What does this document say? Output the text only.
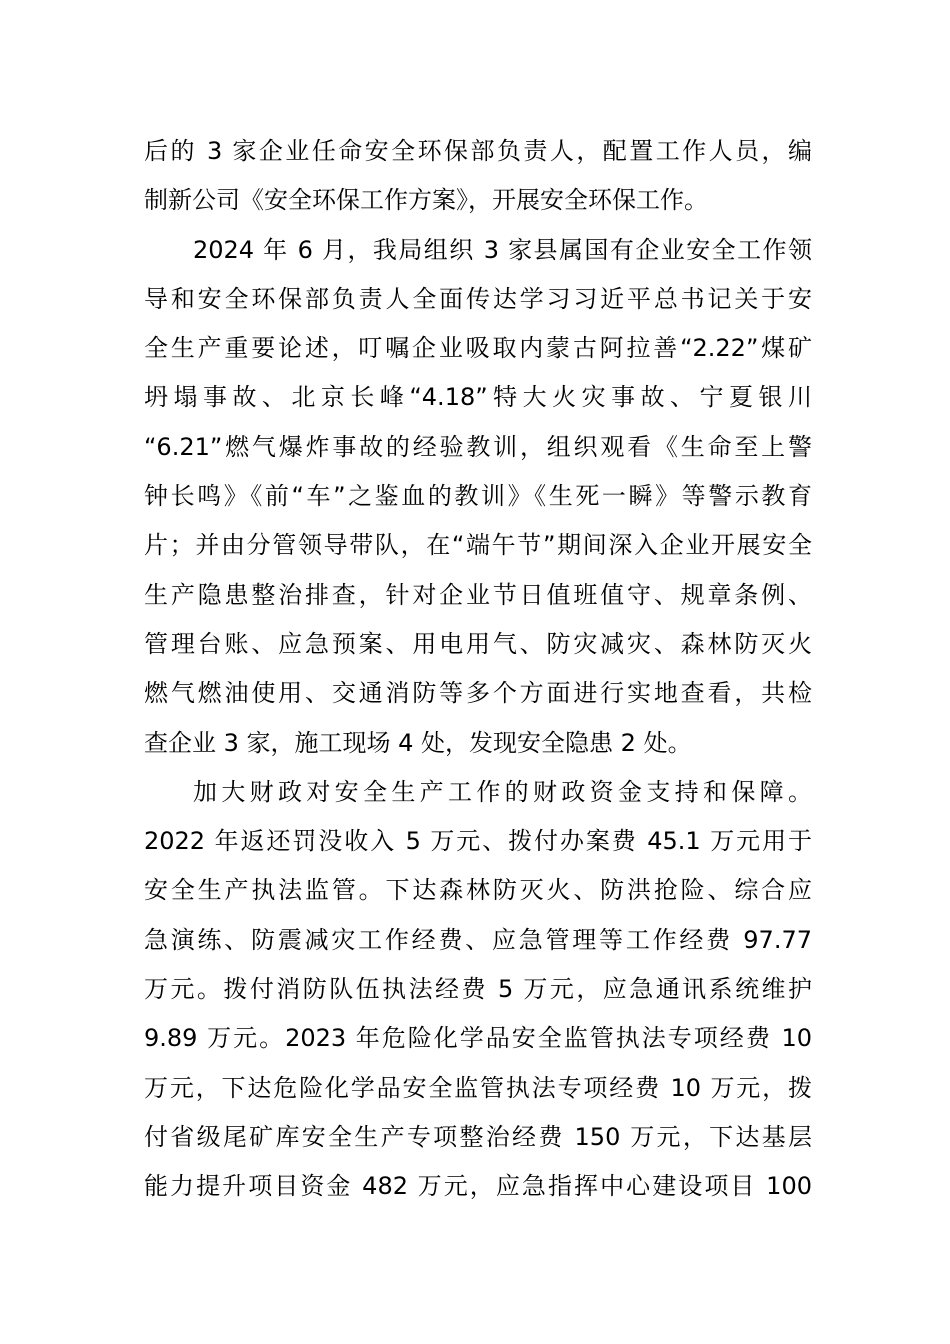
后的 3 家企业任命安全环保部负责人，配置工作人员，编
制新公司《安全环保工作方案》，开展安全环保工作。
2024 年 6 月，我局组织 3 家县属国有企业安全工作领
导和安全环保部负责人全面传达学习习近平总书记关于安
全生产重要论述，叮嘱企业吸取内蒙古阿拉善“2.22”煤矿
坍塌事故、北京长峰“4.18”特大火灾事故、宁夏银川
“6.21”燃气爆炸事故的经验教训，组织观看《生命至上警
钟长鸣》《前“车”之鉴血的教训》《生死一瞬》等警示教育
片；并由分管领导带队，在“端午节”期间深入企业开展安全
生产隐患整治排查，针对企业节日值班值守、规章条例、
管理台账、应急预案、用电用气、防灾减灾、森林防灭火
燃气燃油使用、交通消防等多个方面进行实地查看，共检
查企业 3 家，施工现场 4 处，发现安全隐患 2 处。
加大财政对安全生产工作的财政资金支持和保障。
2022 年返还罚没收入 5 万元、拨付办案费 45.1 万元用于
安全生产执法监管。下达森林防灭火、防洪抢险、综合应
急演练、防震减灾工作经费、应急管理等工作经费 97.77
万元。拨付消防队伍执法经费 5 万元，应急通讯系统维护
9.89 万元。2023 年危险化学品安全监管执法专项经费 10
万元，下达危险化学品安全监管执法专项经费 10 万元，拨
付省级尾矿库安全生产专项整治经费 150 万元，下达基层
能力提升项目资金 482 万元，应急指挥中心建设项目 100
